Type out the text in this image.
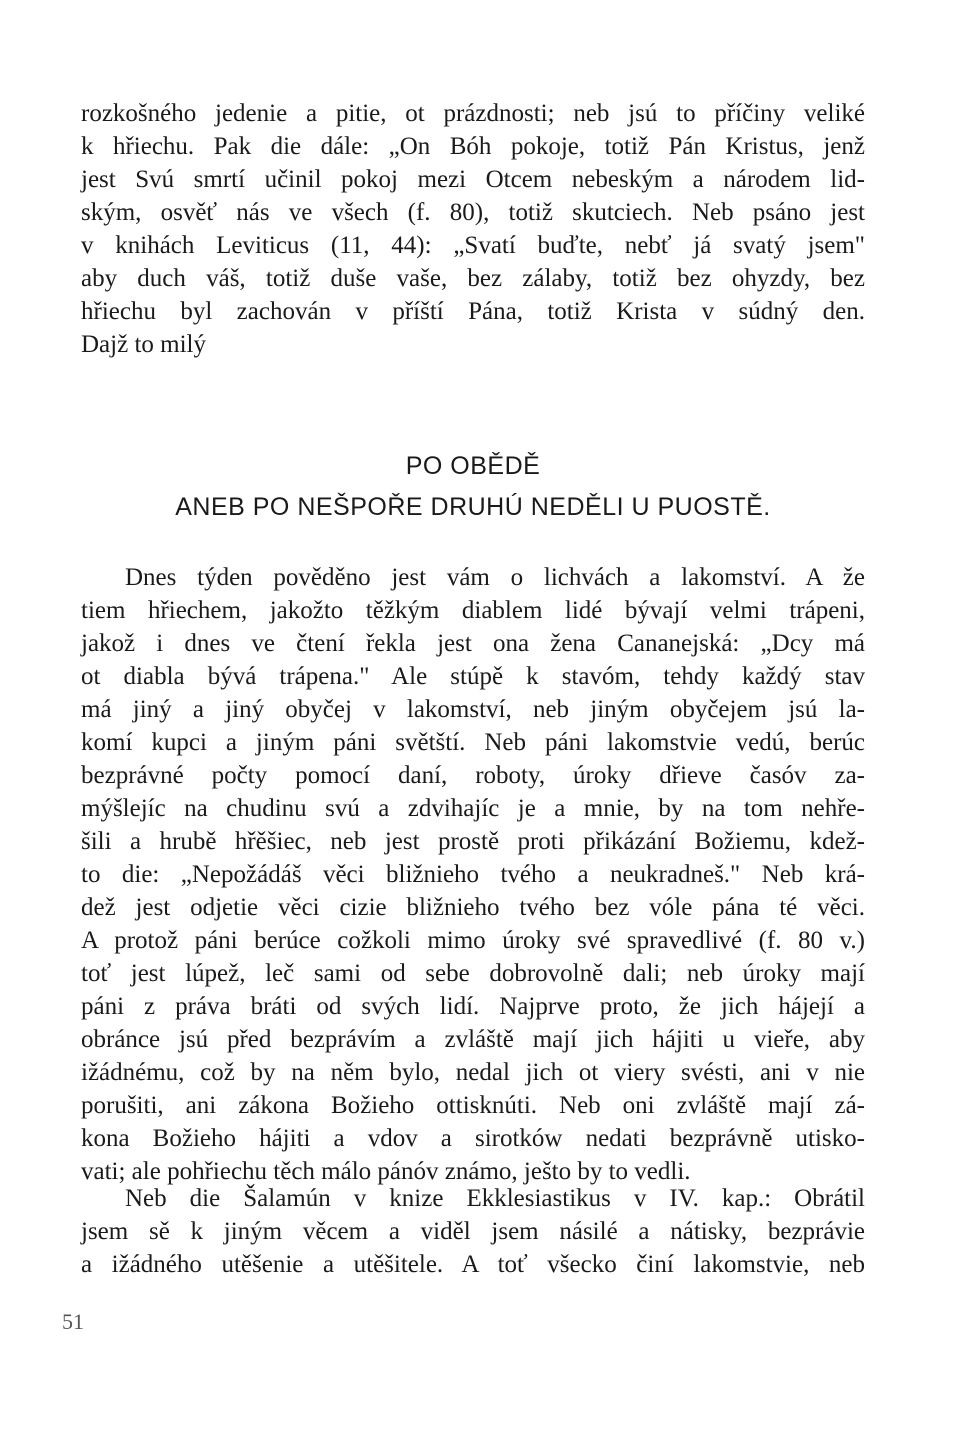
rozkošného jedenie a pitie, ot prázdnosti; neb jsú to příčiny veliké
k hřiechu. Pak die dále: „On Bóh pokoje, totiž Pán Kristus, jenž
jest Svú smrtí učinil pokoj mezi Otcem nebeským a národem lid-
ským, osvěť nás ve všech (f. 80), totiž skutciech. Neb psáno jest
v knihách Leviticus (11, 44): „Svatí buďte, nebť já svatý jsem"
aby duch váš, totiž duše vaše, bez zálaby, totiž bez ohyzdy, bez
hřiechu byl zachován v příští Pána, totiž Krista v súdný den.
Dajž to milý
PO OBĚDĚ
ANEB PO NEŠPOŘE DRUHÚ NEDĚLI U PUOSTĚ.
Dnes týden pověděno jest vám o lichvách a lakomství. A že
tiem hřiechem, jakožto těžkým diablem lidé bývají velmi trápeni,
jakož i dnes ve čtení řekla jest ona žena Cananejská: „Dcy má
ot diabla bývá trápena." Ale stúpě k stavóm, tehdy každý stav
má jiný a jiný obyčej v lakomství, neb jiným obyčejem jsú la-
komí kupci a jiným páni světští. Neb páni lakomstvie vedú, berúc
bezprávné počty pomocí daní, roboty, úroky dřieve časóv za-
mýšlejíc na chudinu svú a zdvihajíc je a mnie, by na tom nehře-
šili a hrubě hřěšiec, neb jest prostě proti přikázání Božiemu, kdež-
to die: „Nepožádáš věci bližnieho tvého a neukradneš." Neb krá-
dež jest odjetie věci cizie bližnieho tvého bez vóle pána té věci.
A protož páni berúce cožkoli mimo úroky své spravedlivé (f. 80 v.)
toť jest lúpež, leč sami od sebe dobrovolně dali; neb úroky mají
páni z práva bráti od svých lidí. Najprve proto, že jich hájejí a
obránce jsú před bezprávím a zvláště mají jich hájiti u vieře, aby
ižádnému, což by na něm bylo, nedal jich ot viery svésti, ani v nie
porušiti, ani zákona Božieho ottisknúti. Neb oni zvláště mají zá-
kona Božieho hájiti a vdov a sirotków nedati bezprávně utisko-
vati; ale pohřiechu těch málo pánóv známo, ješto by to vedli.
Neb die Šalamún v knize Ekklesiastikus v IV. kap.: Obrátil
jsem sě k jiným věcem a viděl jsem násilé a nátisky, bezprávie
a ižádného utěšenie a utěšitele. A toť všecko činí lakomstvie, neb
51
